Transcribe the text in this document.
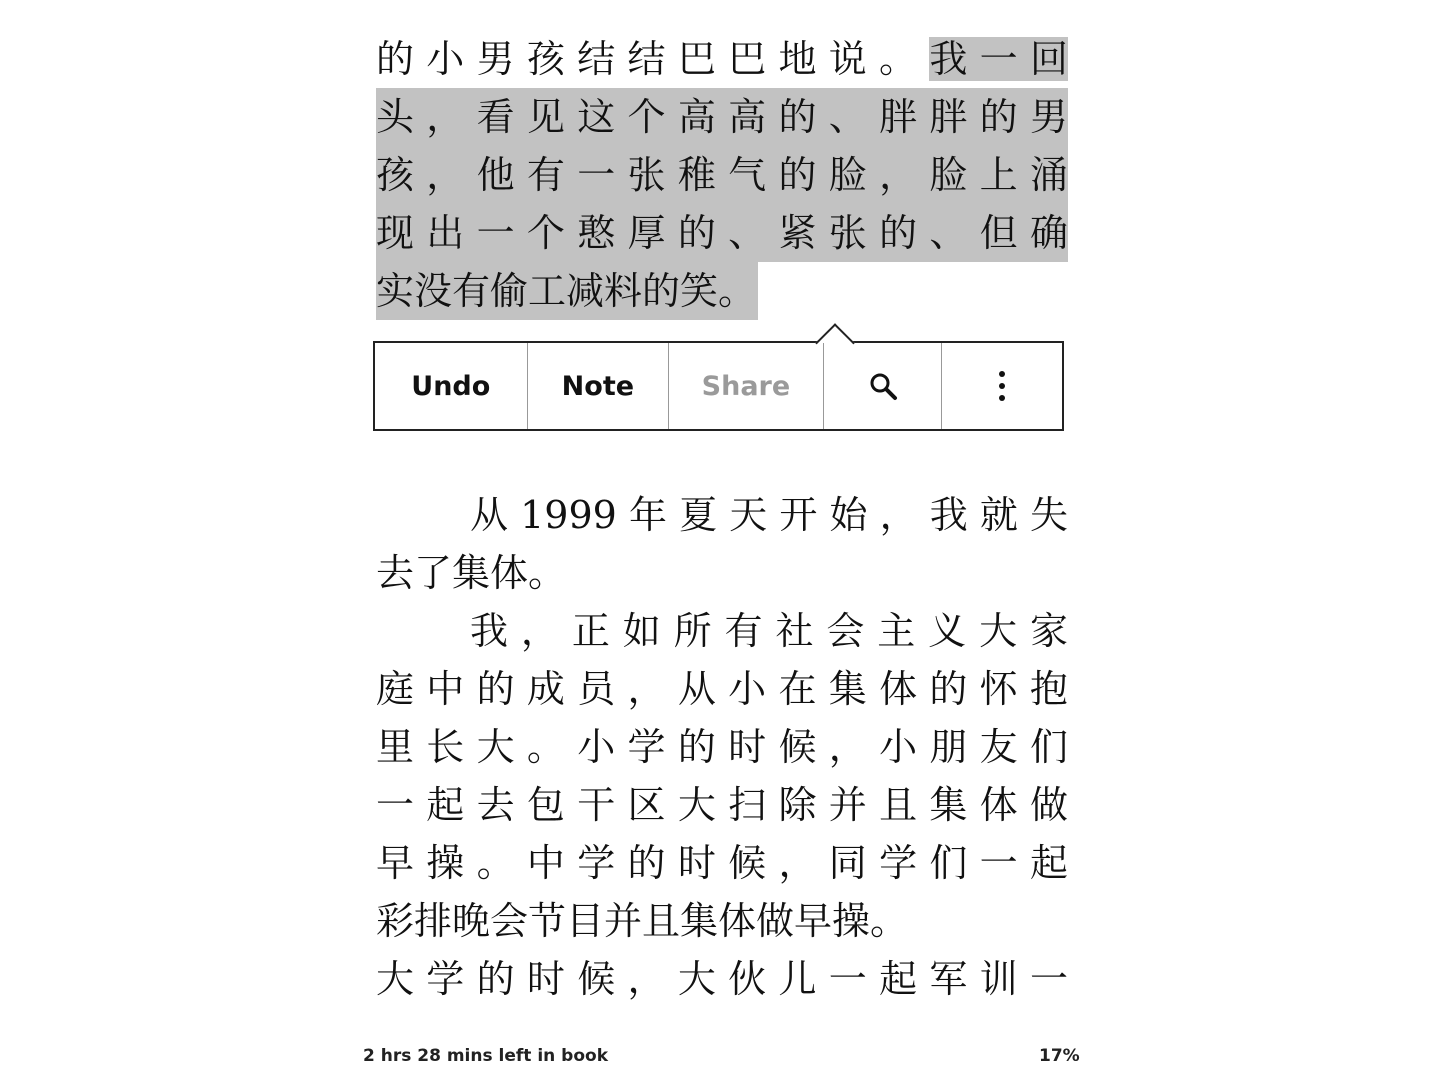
的小男孩结结巴巴地说。我一回
头，看见这个高高的、胖胖的男
孩，他有一张稚气的脸，脸上涌
现出一个憨厚的、紧张的、但确
实没有偷工减料的笑。
从1999年夏天开始，我就失
去了集体。
我，正如所有社会主义大家
庭中的成员，从小在集体的怀抱
里长大。小学的时候，小朋友们
一起去包干区大扫除并且集体做
早操。中学的时候，同学们一起
彩排晚会节目并且集体做早操。
大学的时候，大伙儿一起军训一
Undo	Note	Share
2 hrs 28 mins left in book	17%
